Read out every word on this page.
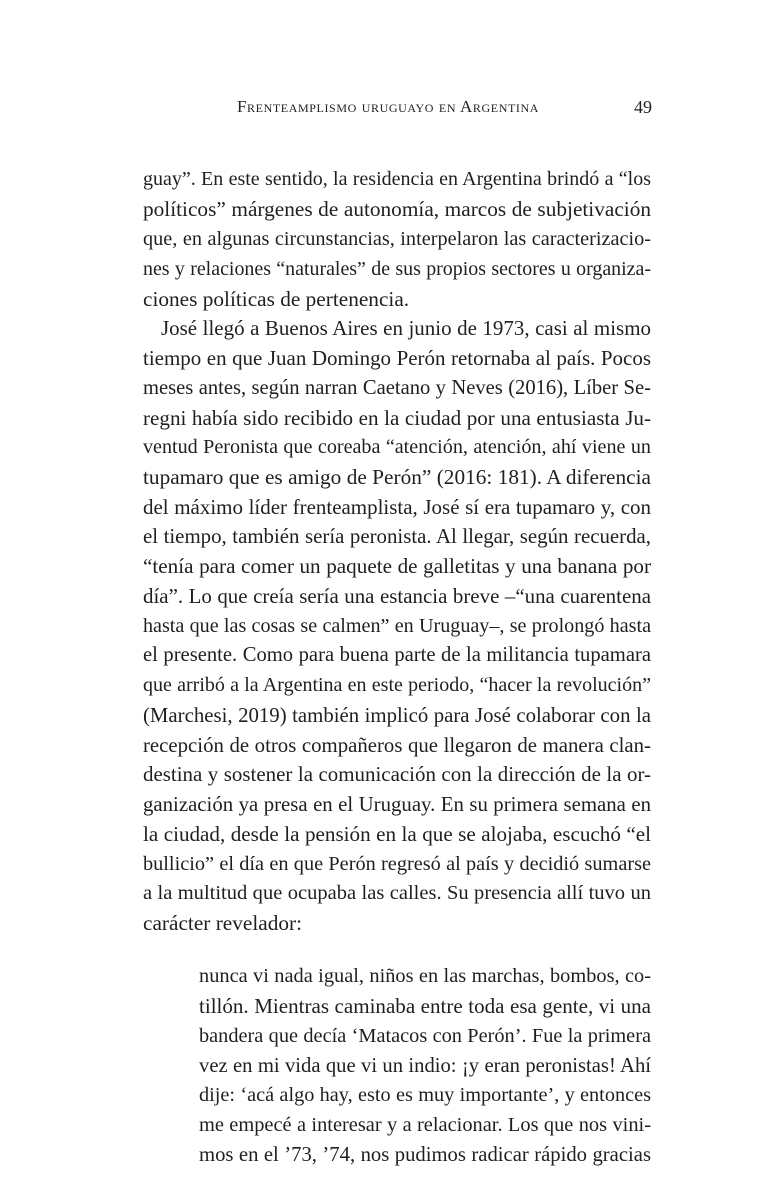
Frenteamplismo uruguayo en Argentina	49
guay”. En este sentido, la residencia en Argentina brindó a “los
políticos” márgenes de autonomía, marcos de subjetivación
que, en algunas circunstancias, interpelaron las caracterizacio-
nes y relaciones “naturales” de sus propios sectores u organiza-
ciones políticas de pertenencia.
José llegó a Buenos Aires en junio de 1973, casi al mismo
tiempo en que Juan Domingo Perón retornaba al país. Pocos
meses antes, según narran Caetano y Neves (2016), Líber Se-
regni había sido recibido en la ciudad por una entusiasta Ju-
ventud Peronista que coreaba “atención, atención, ahí viene un
tupamaro que es amigo de Perón” (2016: 181). A diferencia
del máximo líder frenteamplista, José sí era tupamaro y, con
el tiempo, también sería peronista. Al llegar, según recuerda,
“tenía para comer un paquete de galletitas y una banana por
día”. Lo que creía sería una estancia breve –“una cuarentena
hasta que las cosas se calmen” en Uruguay–, se prolongó hasta
el presente. Como para buena parte de la militancia tupamara
que arribó a la Argentina en este periodo, “hacer la revolución”
(Marchesi, 2019) también implicó para José colaborar con la
recepción de otros compañeros que llegaron de manera clan-
destina y sostener la comunicación con la dirección de la or-
ganización ya presa en el Uruguay. En su primera semana en
la ciudad, desde la pensión en la que se alojaba, escuchó “el
bullicio” el día en que Perón regresó al país y decidió sumarse
a la multitud que ocupaba las calles. Su presencia allí tuvo un
carácter revelador:
nunca vi nada igual, niños en las marchas, bombos, co-
tillón. Mientras caminaba entre toda esa gente, vi una
bandera que decía ‘Matacos con Perón’. Fue la primera
vez en mi vida que vi un indio: ¡y eran peronistas! Ahí
dije: ‘acá algo hay, esto es muy importante’, y entonces
me empecé a interesar y a relacionar. Los que nos vini-
mos en el ’73, ’74, nos pudimos radicar rápido gracias
